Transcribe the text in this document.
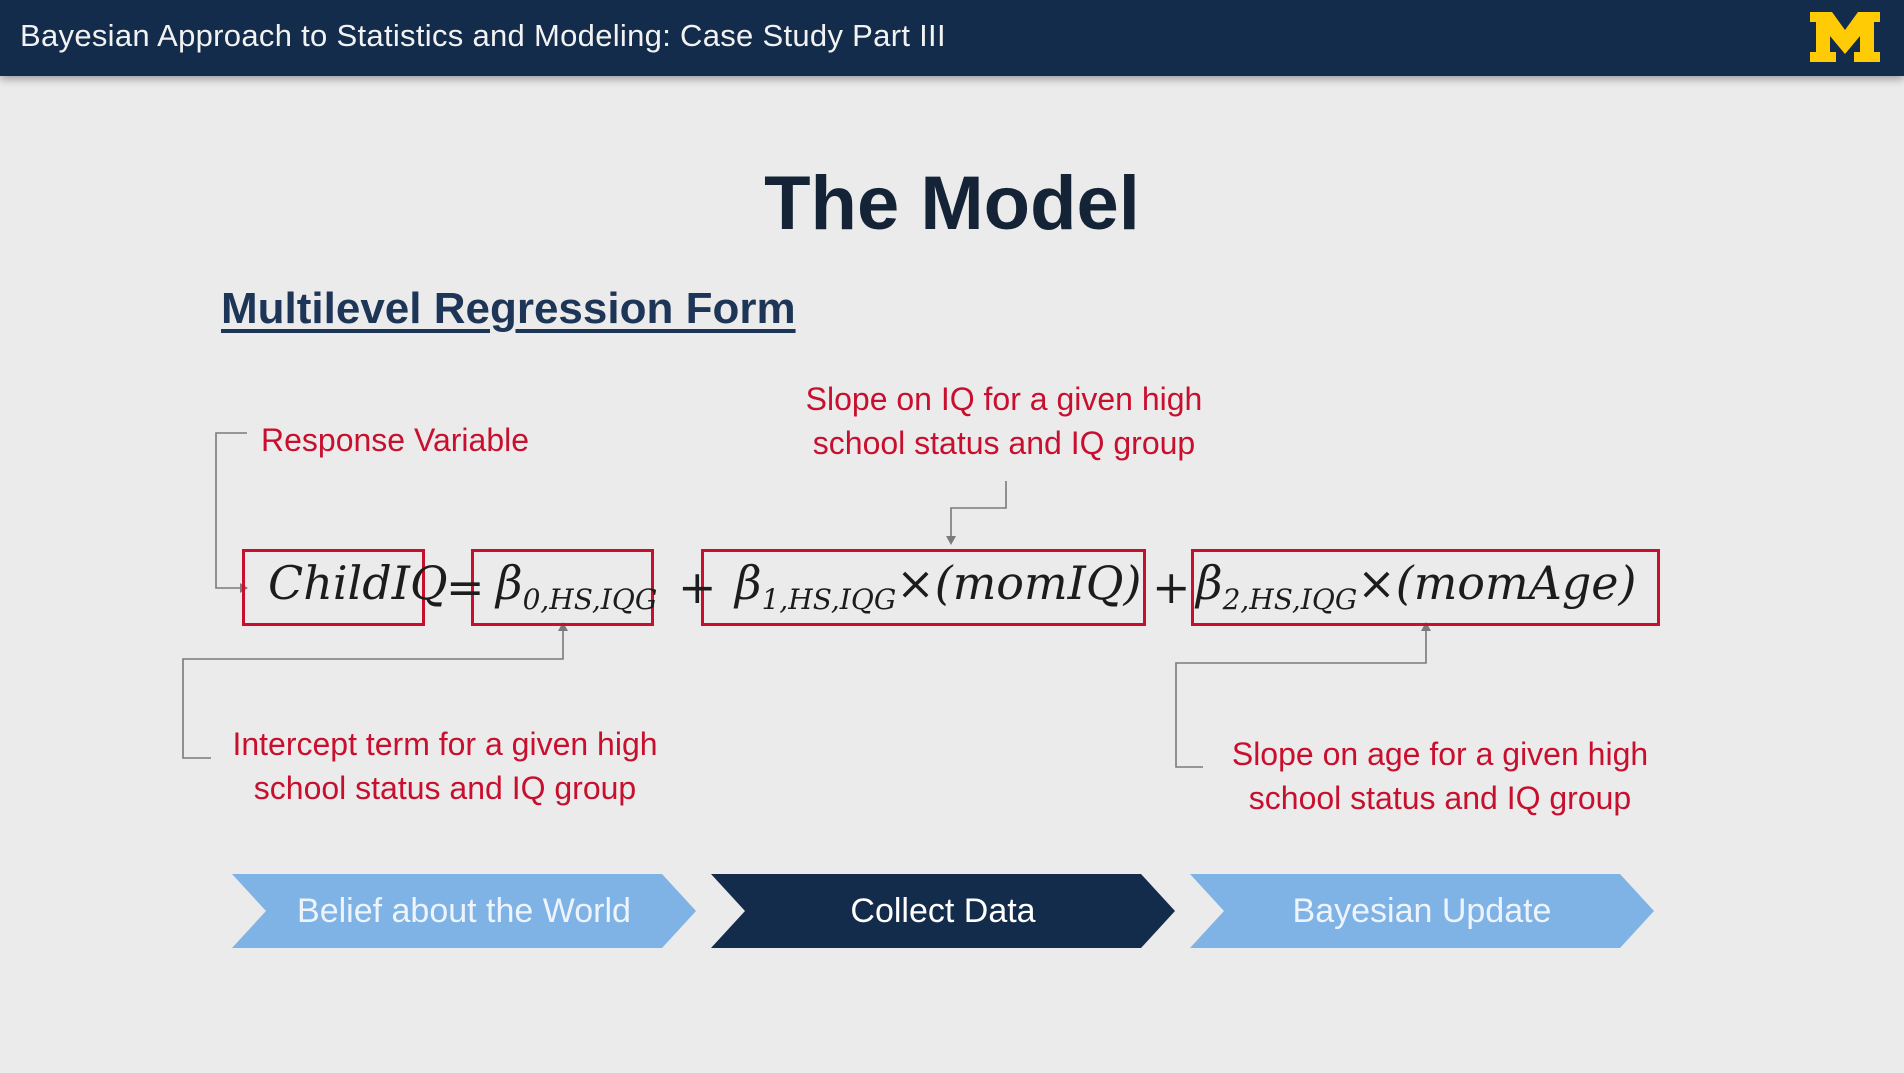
Bayesian Approach to Statistics and Modeling: Case Study Part III
The Model
Multilevel Regression Form
Response Variable
Slope on IQ for a given high
school status and IQ group
Intercept term for a given high
school status and IQ group
Slope on age for a given high
school status and IQ group
ChildIQ
= $\beta_{0,HS,IQG}$ + $\beta_{1,HS,IQG}\times(momIQ)$ + $\beta_{2,HS,IQG}\times(momAge)$
Belief about the World	Collect Data	Bayesian Update
